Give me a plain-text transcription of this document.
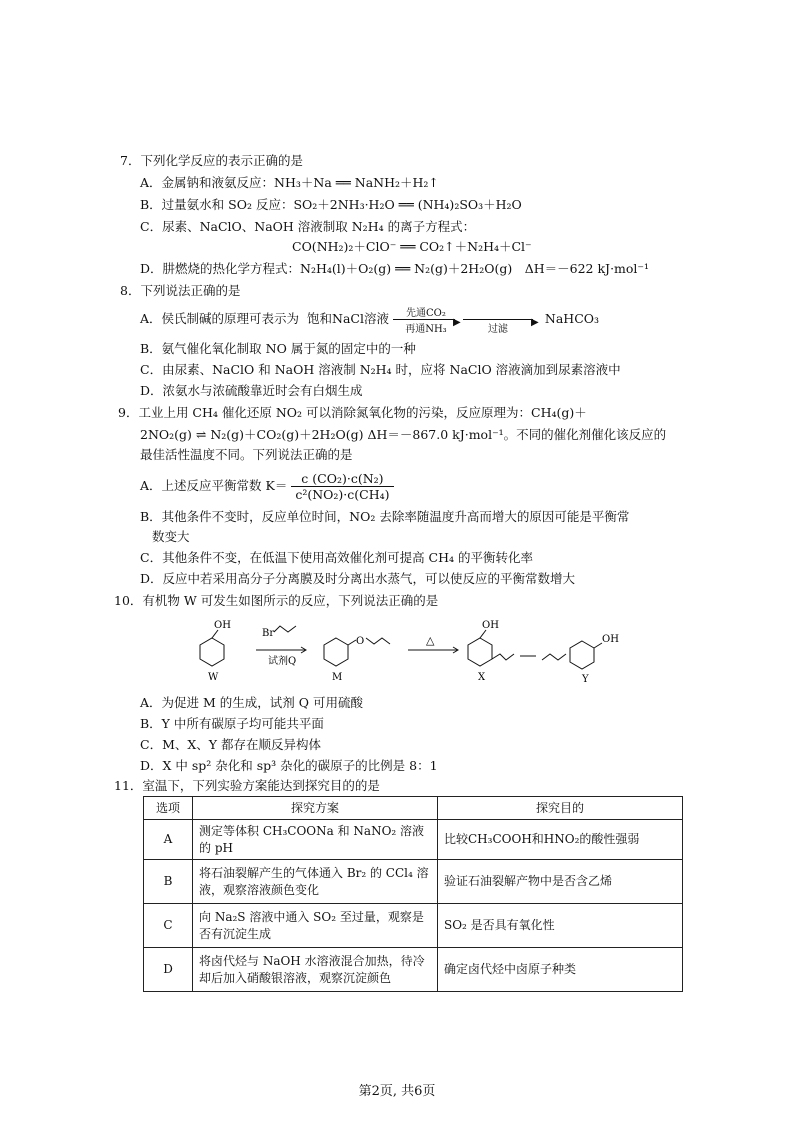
7．下列化学反应的表示正确的是
A．金属钠和液氨反应：NH₃＋Na ══ NaNH₂＋H₂↑
B．过量氨水和 SO₂ 反应：SO₂＋2NH₃·H₂O ══ (NH₄)₂SO₃＋H₂O
C．尿素、NaClO、NaOH 溶液制取 N₂H₄ 的离子方程式：
CO(NH₂)₂＋ClO⁻ ══ CO₂↑＋N₂H₄＋Cl⁻
D．肼燃烧的热化学方程式：N₂H₄(l)＋O₂(g) ══ N₂(g)＋2H₂O(g)　ΔH＝－622 kJ·mol⁻¹
8．下列说法正确的是
A．侯氏制碱的原理可表示为 饱和NaCl溶液	先通CO₂
▶
再通NH₃

▶
过滤
NaHCO₃
B．氨气催化氧化制取 NO 属于氮的固定中的一种
C．由尿素、NaClO 和 NaOH 溶液制 N₂H₄ 时，应将 NaClO 溶液滴加到尿素溶液中
D．浓氨水与浓硫酸靠近时会有白烟生成
9．工业上用 CH₄ 催化还原 NO₂ 可以消除氮氧化物的污染，反应原理为：CH₄(g)＋
2NO₂(g) ⇌ N₂(g)＋CO₂(g)＋2H₂O(g) ΔH＝－867.0 kJ·mol⁻¹。不同的催化剂催化该反应的
最佳活性温度不同。下列说法正确的是
A．上述反应平衡常数 $K= \frac{\text{c (CO₂)·c(N₂)}}{\text{c²(NO₂)·c(CH₄)}}$
B．其他条件不变时，反应单位时间，NO₂ 去除率随温度升高而增大的原因可能是平衡常
数变大
C．其他条件不变，在低温下使用高效催化剂可提高 CH₄ 的平衡转化率
D．反应中若采用高分子分离膜及时分离出水蒸气，可以使反应的平衡常数增大
10．有机物 W 可发生如图所示的反应，下列说法正确的是
OH
W
Br
试剂Q
O
M
△
OH
X
OH
Y
A．为促进 M 的生成，试剂 Q 可用硫酸
B．Y 中所有碳原子均可能共平面
C．M、X、Y 都存在顺反异构体
D．X 中 sp² 杂化和 sp³ 杂化的碳原子的比例是 8：1
11．室温下，下列实验方案能达到探究目的的是
选项	探究方案	探究目的
A	测定等体积 CH₃COONa 和 NaNO₂ 溶液的 pH	比较CH₃COOH和HNO₂的酸性强弱
B	将石油裂解产生的气体通入 Br₂ 的 CCl₄ 溶液，观察溶液颜色变化	验证石油裂解产物中是否含乙烯
C	向 Na₂S 溶液中通入 SO₂ 至过量，观察是否有沉淀生成	SO₂ 是否具有氧化性
D	将卤代烃与 NaOH 水溶液混合加热，待冷却后加入硝酸银溶液，观察沉淀颜色	确定卤代烃中卤原子种类
第2页, 共6页
